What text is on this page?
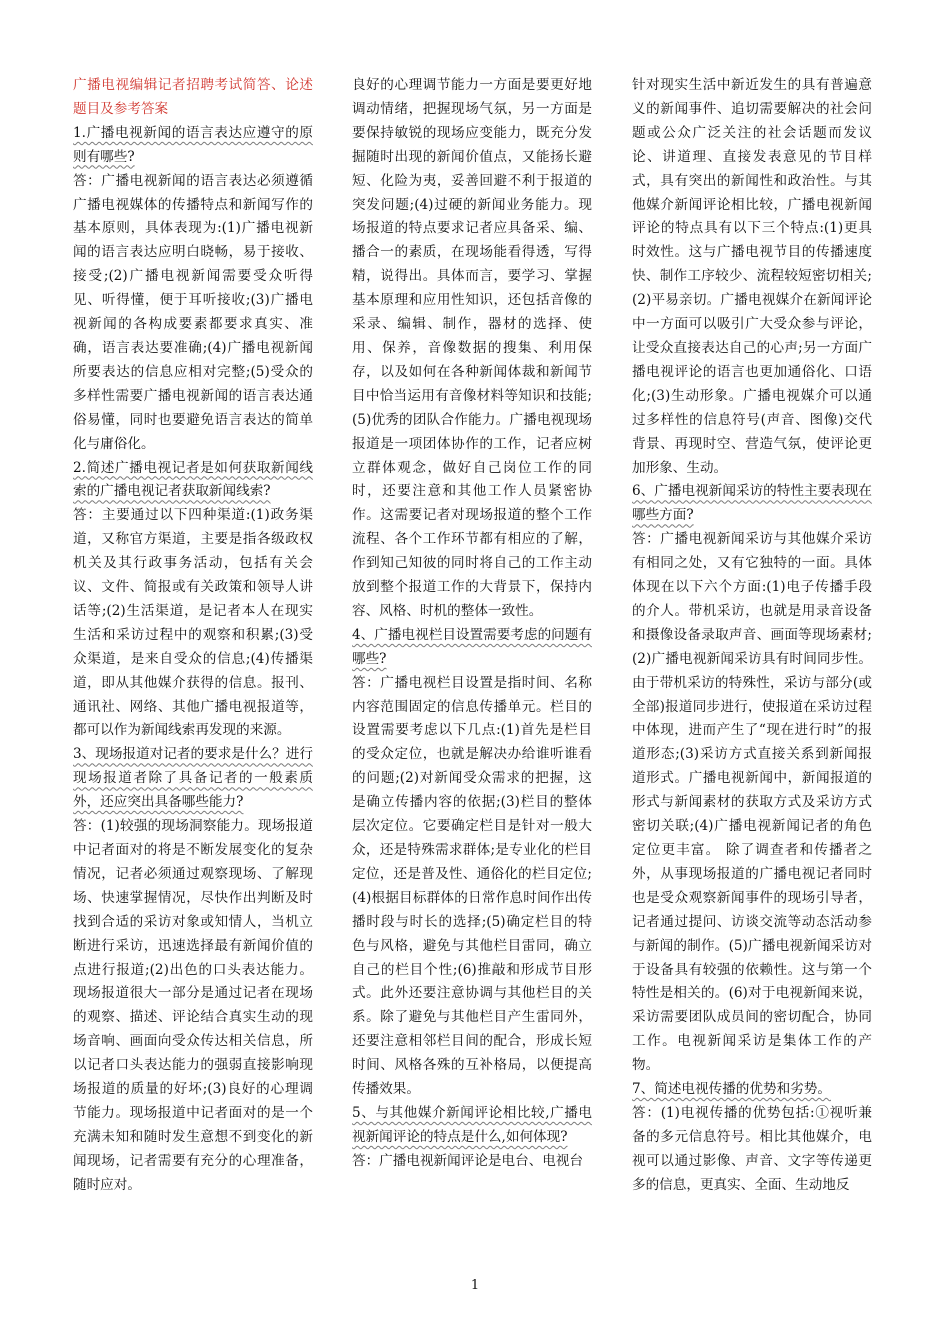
广播电视编辑记者招聘考试简答、论述题目及参考答案

1.广播电视新闻的语言表达应遵守的原则有哪些?

答：广播电视新闻的语言表达必须遵循广播电视媒体的传播特点和新闻写作的基本原则，具体表现为:(1)广播电视新闻的语言表达应明白晓畅，易于接收、接受;(2)广播电视新闻需要受众听得见、听得懂，便于耳听接收;(3)广播电视新闻的各构成要素都要求真实、准确，语言表达要准确;(4)广播电视新闻所要表达的信息应相对完整;(5)受众的多样性需要广播电视新闻的语言表达通俗易懂，同时也要避免语言表达的简单化与庸俗化。

2.简述广播电视记者是如何获取新闻线索的广播电视记者获取新闻线索?

答：主要通过以下四种渠道:(1)政务渠道，又称官方渠道，主要是指各级政权机关及其行政事务活动，包括有关会议、文件、简报或有关政策和领导人讲话等;(2)生活渠道，是记者本人在现实生活和采访过程中的观察和积累;(3)受众渠道，是来自受众的信息;(4)传播渠道，即从其他媒介获得的信息。报刊、通讯社、网络、其他广播电视报道等，都可以作为新闻线索再发现的来源。

3、现场报道对记者的要求是什么？进行现场报道者除了具备记者的一般素质外，还应突出具备哪些能力?

答：(1)较强的现场洞察能力。现场报道中记者面对的将是不断发展变化的复杂情况，记者必须通过观察现场、了解现场、快速掌握情况，尽快作出判断及时找到合适的采访对象或知情人，当机立断进行采访，迅速选择最有新闻价值的点进行报道;(2)出色的口头表达能力。现场报道很大一部分是通过记者在现场的观察、描述、评论结合真实生动的现场音响、画面向受众传达相关信息，所以记者口头表达能力的强弱直接影响现场报道的质量的好坏;(3)良好的心理调节能力。现场报道中记者面对的是一个充满未知和随时发生意想不到变化的新闻现场，记者需要有充分的心理准备，随时应对。

良好的心理调节能力一方面是要更好地调动情绪，把握现场气氛，另一方面是要保持敏锐的现场应变能力，既充分发掘随时出现的新闻价值点，又能扬长避短、化险为夷，妥善回避不利于报道的突发问题;(4)过硬的新闻业务能力。现场报道的特点要求记者应具备采、编、播合一的素质，在现场能看得透，写得精，说得出。具体而言，要学习、掌握基本原理和应用性知识，还包括音像的采录、编辑、制作，器材的选择、使用、保养，音像数据的搜集、利用保存，以及如何在各种新闻体裁和新闻节目中恰当运用有音像材料等知识和技能;(5)优秀的团队合作能力。广播电视现场报道是一项团体协作的工作，记者应树立群体观念，做好自己岗位工作的同时，还要注意和其他工作人员紧密协作。这需要记者对现场报道的整个工作流程、各个工作环节都有相应的了解，作到知己知彼的同时将自己的工作主动放到整个报道工作的大背景下，保持内容、风格、时机的整体一致性。

4、广播电视栏目设置需要考虑的问题有哪些?

答：广播电视栏目设置是指时间、名称内容范围固定的信息传播单元。栏目的设置需要考虑以下几点:(1)首先是栏目的受众定位，也就是解决办给谁听谁看的问题;(2)对新闻受众需求的把握，这是确立传播内容的依据;(3)栏目的整体层次定位。它要确定栏目是针对一般大众，还是特殊需求群体;是专业化的栏目定位，还是普及性、通俗化的栏目定位;(4)根据目标群体的日常作息时间作出传播时段与时长的选择;(5)确定栏目的特色与风格，避免与其他栏目雷同，确立自己的栏目个性;(6)推敲和形成节目形式。此外还要注意协调与其他栏目的关系。除了避免与其他栏目产生雷同外，还要注意相邻栏目间的配合，形成长短时间、风格各殊的互补格局，以便提高传播效果。

5、与其他媒介新闻评论相比较,广播电视新闻评论的特点是什么,如何体现?

答：广播电视新闻评论是电台、电视台

针对现实生活中新近发生的具有普遍意义的新闻事件、追切需要解决的社会问题或公众广泛关注的社会话题而发议论、讲道理、直接发表意见的节目样式，具有突出的新闻性和政治性。与其他媒介新闻评论相比较，广播电视新闻评论的特点具有以下三个特点:(1)更具时效性。这与广播电视节目的传播速度快、制作工序较少、流程较短密切相关;(2)平易亲切。广播电视媒介在新闻评论中一方面可以吸引广大受众参与评论，让受众直接表达自己的心声;另一方面广播电视评论的语言也更加通俗化、口语化;(3)生动形象。广播电视媒介可以通过多样性的信息符号(声音、图像)交代背景、再现时空、营造气氛，使评论更加形象、生动。

6、广播电视新闻采访的特性主要表现在哪些方面?

答：广播电视新闻采访与其他媒介采访有相同之处，又有它独特的一面。具体体现在以下六个方面:(1)电子传播手段的介人。带机采访，也就是用录音设备和摄像设备录取声音、画面等现场素材;(2)广播电视新闻采访具有时间同步性。由于带机采访的特殊性，采访与部分(或全部)报道同步进行，使报道在采访过程中体现，进而产生了“现在进行时”的报道形态;(3)采访方式直接关系到新闻报道形式。广播电视新闻中，新闻报道的形式与新闻素材的获取方式及采访方式密切关联;(4)广播电视新闻记者的角色定位更丰富。 除了调查者和传播者之外，从事现场报道的广播电视记者同时也是受众观察新闻事件的现场引导者，记者通过提问、访谈交流等动态活动参与新闻的制作。(5)广播电视新闻采访对于设备具有较强的依赖性。这与第一个特性是相关的。(6)对于电视新闻来说，采访需要团队成员间的密切配合，协同工作。电视新闻采访是集体工作的产物。

7、简述电视传播的优势和劣势。

答：(1)电视传播的优势包括:①视听兼备的多元信息符号。相比其他媒介，电视可以通过影像、声音、文字等传递更多的信息，更真实、全面、生动地反

1
